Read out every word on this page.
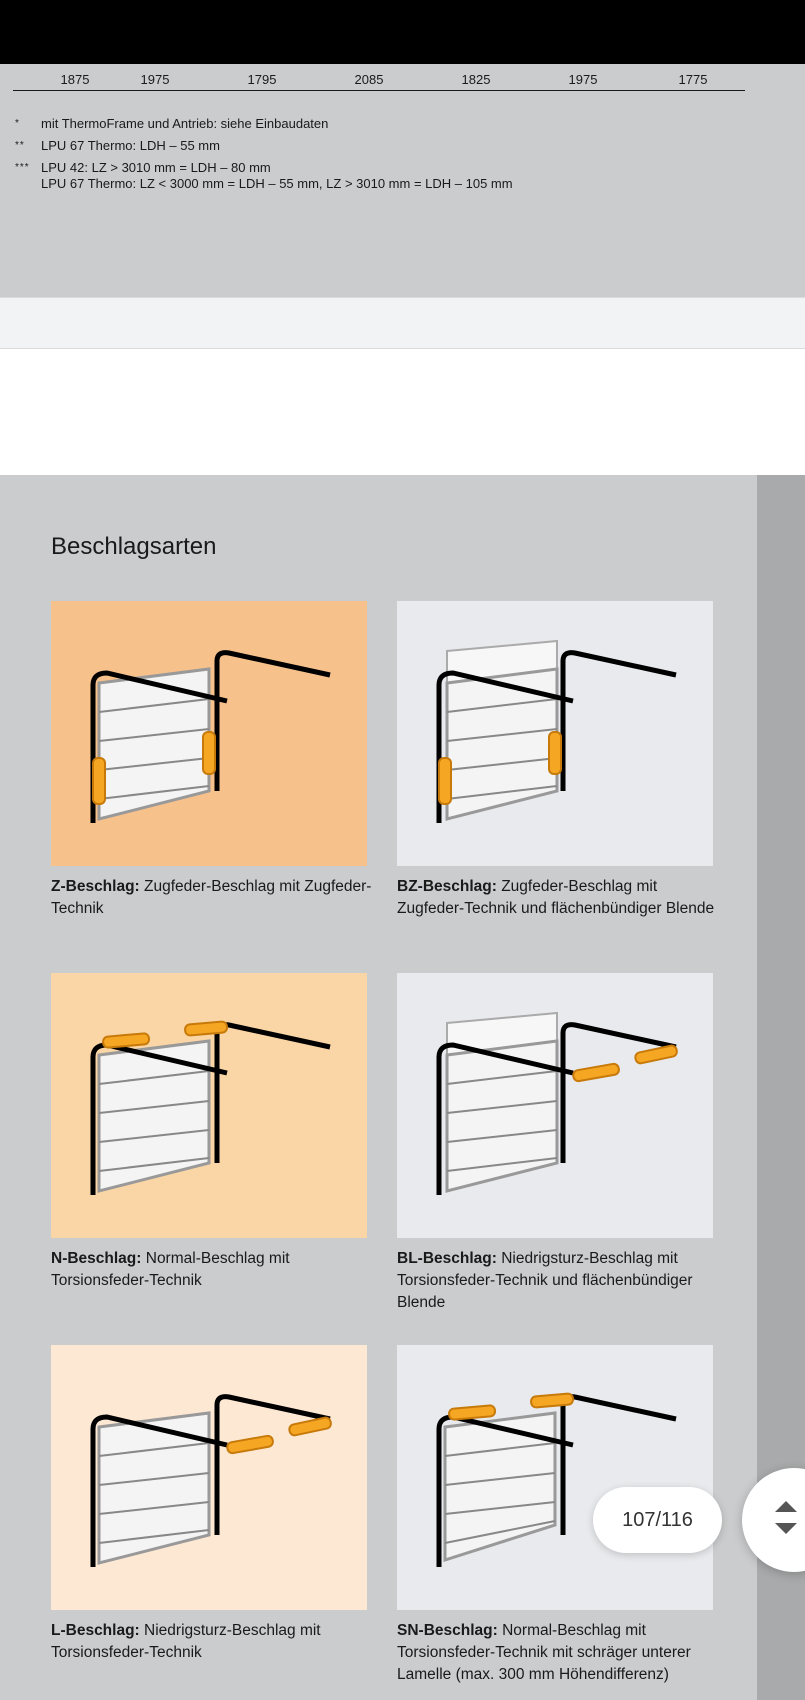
1875	1975	1795	2085	1825	1975	1775
* mit ThermoFrame und Antrieb: siehe Einbaudaten
** LPU 67 Thermo: LDH – 55 mm
*** LPU 42: LZ > 3010 mm = LDH – 80 mm
LPU 67 Thermo: LZ < 3000 mm = LDH – 55 mm, LZ > 3010 mm = LDH – 105 mm
Beschlagsarten
Z-Beschlag: Zugfeder-Beschlag mit Zugfeder-Technik
BZ-Beschlag: Zugfeder-Beschlag mit Zugfeder-Technik und flächenbündiger Blende
N-Beschlag: Normal-Beschlag mit Torsionsfeder-Technik
BL-Beschlag: Niedrigsturz-Beschlag mit Torsionsfeder-Technik und flächenbündiger Blende
L-Beschlag: Niedrigsturz-Beschlag mit Torsionsfeder-Technik
SN-Beschlag: Normal-Beschlag mit Torsionsfeder-Technik mit schräger unterer Lamelle (max. 300 mm Höhendifferenz)
107/116
